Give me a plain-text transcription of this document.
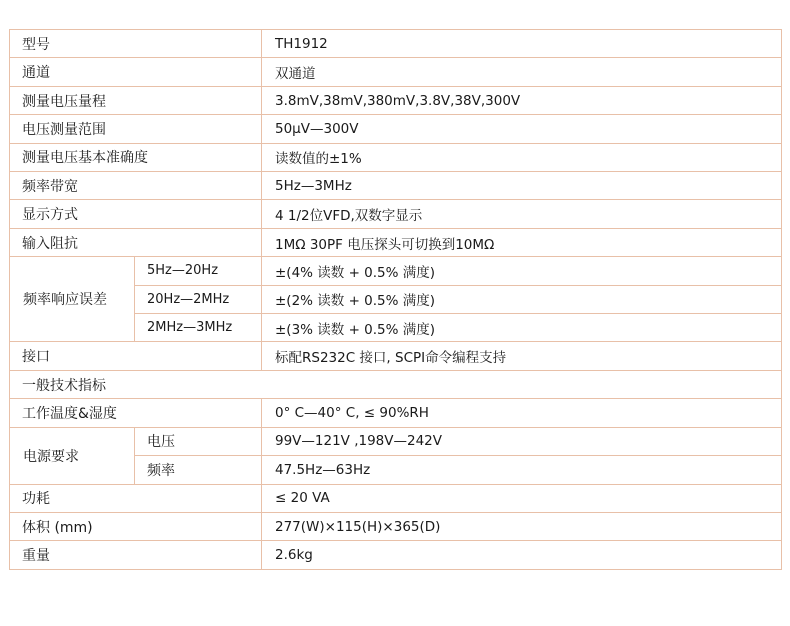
型号		TH1912
通道		双通道
测量电压量程		3.8mV,38mV,380mV,3.8V,38V,300V
电压测量范围		50μV—300V
测量电压基本准确度		读数值的±1%
频率带宽		5Hz—3MHz
显示方式		4 1/2位VFD,双数字显示
输入阻抗		1MΩ 30PF 电压探头可切换到10MΩ
频率响应误差	5Hz—20Hz	±(4% 读数 + 0.5% 满度)
	20Hz—2MHz	±(2% 读数 + 0.5% 满度)
	2MHz—3MHz	±(3% 读数 + 0.5% 满度)
接口		标配RS232C 接口, SCPI命令编程支持
一般技术指标		
工作温度&湿度		0° C—40° C, ≤ 90%RH
电源要求	电压	99V—121V ,198V—242V
	频率	47.5Hz—63Hz
功耗		≤ 20 VA
体积 (mm)		277(W)×115(H)×365(D)
重量		2.6kg
